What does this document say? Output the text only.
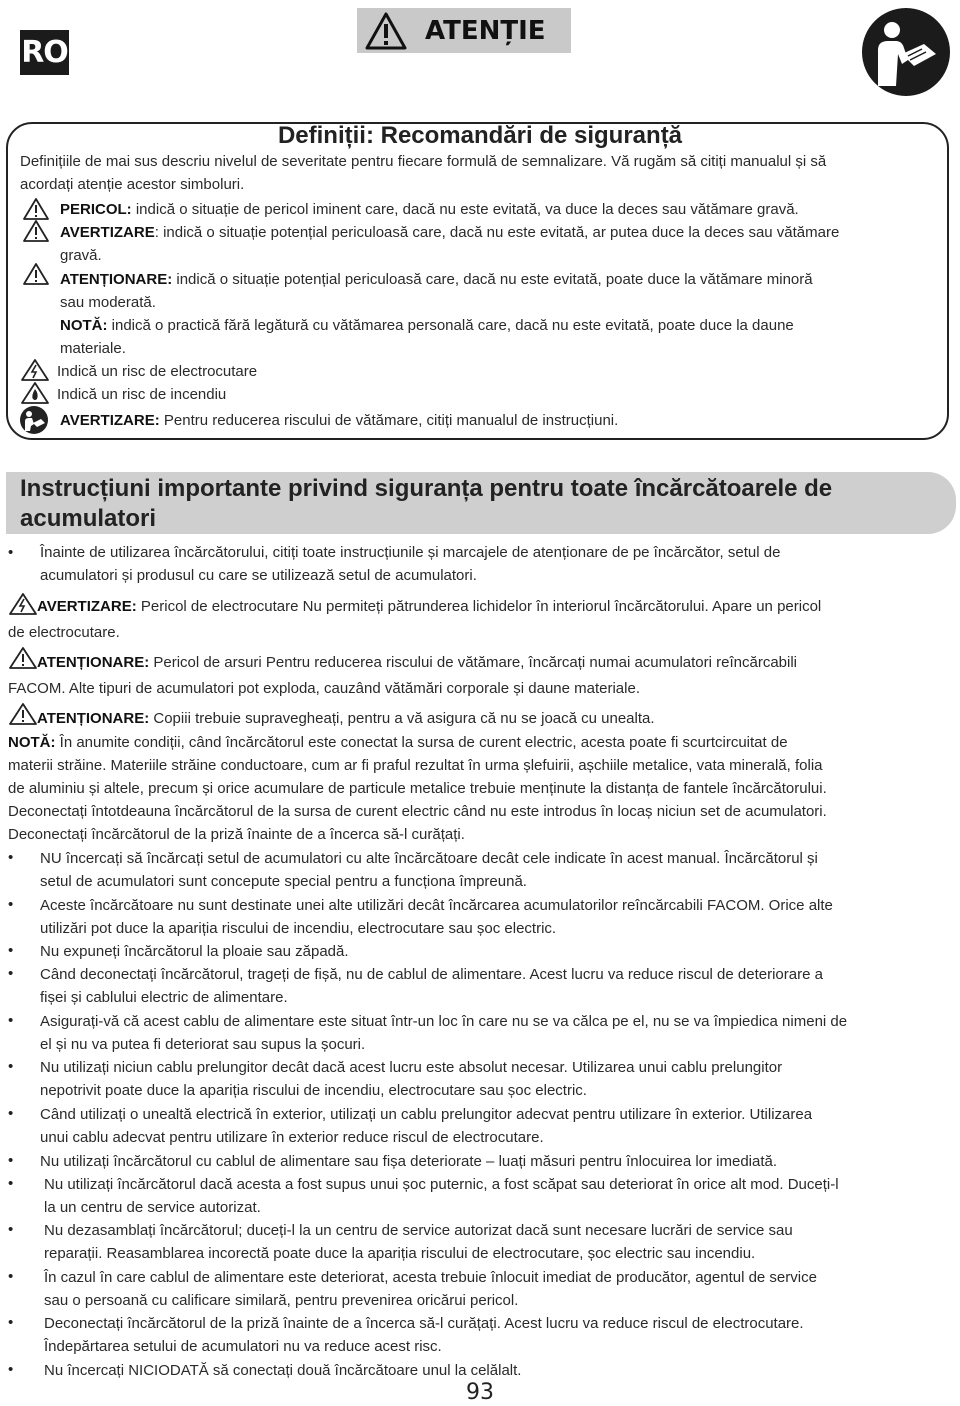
RO
ATENȚIE
Definiții: Recomandări de siguranță
Definițiile de mai sus descriu nivelul de severitate pentru fiecare formulă de semnalizare. Vă rugăm să citiți manualul și să
acordați atenție acestor simboluri.
PERICOL: indică o situație de pericol iminent care, dacă nu este evitată, va duce la deces sau vătămare gravă.
AVERTIZARE: indică o situație potențial periculoasă care, dacă nu este evitată, ar putea duce la deces sau vătămare
gravă.
ATENȚIONARE: indică o situație potențial periculoasă care, dacă nu este evitată, poate duce la vătămare minoră
sau moderată.
NOTĂ: indică o practică fără legătură cu vătămarea personală care, dacă nu este evitată, poate duce la daune
materiale.
Indică un risc de electrocutare
Indică un risc de incendiu
AVERTIZARE: Pentru reducerea riscului de vătămare, citiți manualul de instrucțiuni.
Instrucțiuni importante privind siguranța pentru toate încărcătoarele de
acumulatori
• Înainte de utilizarea încărcătorului, citiți toate instrucțiunile și marcajele de atenționare de pe încărcător, setul de
acumulatori și produsul cu care se utilizează setul de acumulatori.
AVERTIZARE: Pericol de electrocutare Nu permiteți pătrunderea lichidelor în interiorul încărcătorului. Apare un pericol
de electrocutare.
ATENȚIONARE: Pericol de arsuri Pentru reducerea riscului de vătămare, încărcați numai acumulatori reîncărcabili
FACOM. Alte tipuri de acumulatori pot exploda, cauzând vătămări corporale și daune materiale.
ATENȚIONARE: Copiii trebuie supravegheați, pentru a vă asigura că nu se joacă cu unealta.
NOTĂ: În anumite condiții, când încărcătorul este conectat la sursa de curent electric, acesta poate fi scurtcircuitat de
materii străine. Materiile străine conductoare, cum ar fi praful rezultat în urma șlefuirii, așchiile metalice, vata minerală, folia
de aluminiu și altele, precum și orice acumulare de particule metalice trebuie menținute la distanța de fantele încărcătorului.
Deconectați întotdeauna încărcătorul de la sursa de curent electric când nu este introdus în locaș niciun set de acumulatori.
Deconectați încărcătorul de la priză înainte de a încerca să-l curățați.
• NU încercați să încărcați setul de acumulatori cu alte încărcătoare decât cele indicate în acest manual. Încărcătorul și
setul de acumulatori sunt concepute special pentru a funcționa împreună.
• Aceste încărcătoare nu sunt destinate unei alte utilizări decât încărcarea acumulatorilor reîncărcabili FACOM. Orice alte
utilizări pot duce la apariția riscului de incendiu, electrocutare sau șoc electric.
• Nu expuneți încărcătorul la ploaie sau zăpadă.
• Când deconectați încărcătorul, trageți de fișă, nu de cablul de alimentare. Acest lucru va reduce riscul de deteriorare a
fișei și cablului electric de alimentare.
• Asigurați-vă că acest cablu de alimentare este situat într-un loc în care nu se va călca pe el, nu se va împiedica nimeni de
el și nu va putea fi deteriorat sau supus la șocuri.
• Nu utilizați niciun cablu prelungitor decât dacă acest lucru este absolut necesar. Utilizarea unui cablu prelungitor
nepotrivit poate duce la apariția riscului de incendiu, electrocutare sau șoc electric.
• Când utilizați o unealtă electrică în exterior, utilizați un cablu prelungitor adecvat pentru utilizare în exterior. Utilizarea
unui cablu adecvat pentru utilizare în exterior reduce riscul de electrocutare.
• Nu utilizați încărcătorul cu cablul de alimentare sau fișa deteriorate – luați măsuri pentru înlocuirea lor imediată.
• Nu utilizați încărcătorul dacă acesta a fost supus unui șoc puternic, a fost scăpat sau deteriorat în orice alt mod. Duceți-l
la un centru de service autorizat.
• Nu dezasamblați încărcătorul; duceți-l la un centru de service autorizat dacă sunt necesare lucrări de service sau
reparații. Reasamblarea incorectă poate duce la apariția riscului de electrocutare, șoc electric sau incendiu.
• În cazul în care cablul de alimentare este deteriorat, acesta trebuie înlocuit imediat de producător, agentul de service
sau o persoană cu calificare similară, pentru prevenirea oricărui pericol.
• Deconectați încărcătorul de la priză înainte de a încerca să-l curățați. Acest lucru va reduce riscul de electrocutare.
Îndepărtarea setului de acumulatori nu va reduce acest risc.
• Nu încercați NICIODATĂ să conectați două încărcătoare unul la celălalt.
93
